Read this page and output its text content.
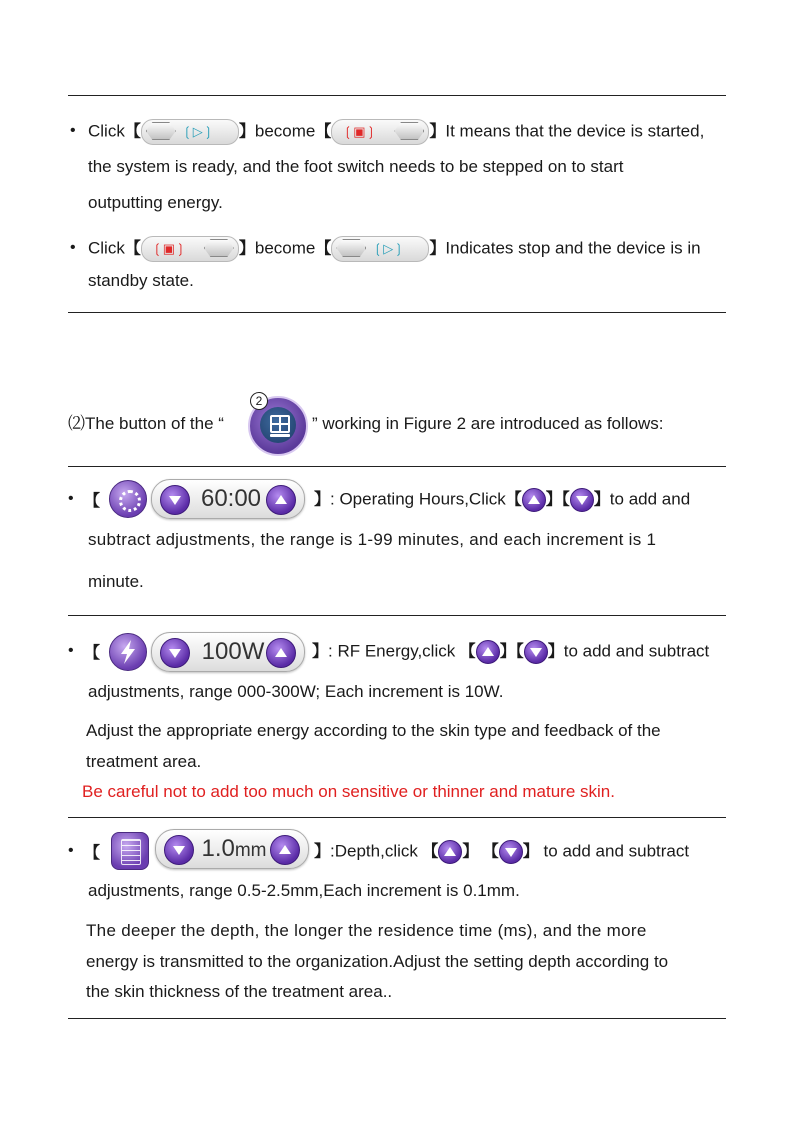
• Click【	❲▷❳ 】become【 ❲▣❳	】It means that the device is started,
the system is ready, and the foot switch needs to be stepped on to start
outputting energy.
• Click【 ❲▣❳	】become【	❲▷❳ 】Indicates stop and the device is in
standby state.
⑵The button of the “
2
” working in Figure 2 are introduced as follows:
• 【	60:00	】: Operating Hours,Click【 】【 】to add and
subtract adjustments, the range is 1-99 minutes, and each increment is 1
minute.
• 【	100W	】: RF Energy,click 【 】【 】to add and subtract
adjustments, range 000-300W; Each increment is 10W.
Adjust the appropriate energy according to the skin type and feedback of the
treatment area.
Be careful not to add too much on sensitive or thinner and mature skin.
• 【	1.0mm	】:Depth,click 【 】 【 】 to add and subtract
adjustments, range 0.5-2.5mm,Each increment is 0.1mm.
The deeper the depth, the longer the residence time (ms), and the more
energy is transmitted to the organization.Adjust the setting depth according to
the skin thickness of the treatment area..
